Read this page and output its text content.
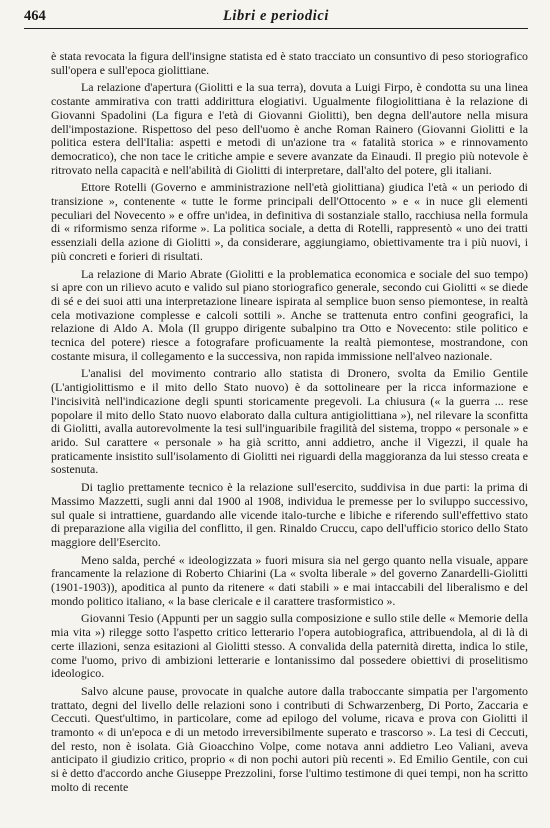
464	Libri e periodici

è stata revocata la figura dell'insigne statista ed è stato tracciato un consuntivo di peso storiografico sull'opera e sull'epoca giolittiane.

La relazione d'apertura (Giolitti e la sua terra), dovuta a Luigi Firpo, è condotta su una linea costante ammirativa con tratti addirittura elogiativi. Ugualmente filogiolittiana è la relazione di Giovanni Spadolini (La figura e l'età di Giovanni Giolitti), ben degna dell'autore nella misura dell'impostazione. Rispettoso del peso dell'uomo è anche Roman Rainero (Giovanni Giolitti e la politica estera dell'Italia: aspetti e metodi di un'azione tra « fatalità storica » e rinnovamento democratico), che non tace le critiche ampie e severe avanzate da Einaudi. Il pregio più notevole è ritrovato nella capacità e nell'abilità di Giolitti di interpretare, dall'alto del potere, gli italiani.

Ettore Rotelli (Governo e amministrazione nell'età giolittiana) giudica l'età « un periodo di transizione », contenente « tutte le forme principali dell'Ottocento » e « in nuce gli elementi peculiari del Novecento » e offre un'idea, in definitiva di sostanziale stallo, racchiusa nella formula di « riformismo senza riforme ». La politica sociale, a detta di Rotelli, rappresentò « uno dei tratti essenziali della azione di Giolitti », da considerare, aggiungiamo, obiettivamente tra i più nuovi, i più concreti e forieri di risultati.

La relazione di Mario Abrate (Giolitti e la problematica economica e sociale del suo tempo) si apre con un rilievo acuto e valido sul piano storiografico generale, secondo cui Giolitti « se diede di sé e dei suoi atti una interpretazione lineare ispirata al semplice buon senso piemontese, in realtà cela motivazione complesse e calcoli sottili ». Anche se trattenuta entro confini geografici, la relazione di Aldo A. Mola (Il gruppo dirigente subalpino tra Otto e Novecento: stile politico e tecnica del potere) riesce a fotografare proficuamente la realtà piemontese, mostrandone, con costante misura, il collegamento e la successiva, non rapida immissione nell'alveo nazionale.

L'analisi del movimento contrario allo statista di Dronero, svolta da Emilio Gentile (L'antigiolittismo e il mito dello Stato nuovo) è da sottolineare per la ricca informazione e l'incisività nell'indicazione degli spunti storicamente pregevoli. La chiusura (« la guerra ... rese popolare il mito dello Stato nuovo elaborato dalla cultura antigiolittiana »), nel rilevare la sconfitta di Giolitti, avalla autorevolmente la tesi sull'inguaribile fragilità del sistema, troppo « personale » e arido. Sul carattere « personale » ha già scritto, anni addietro, anche il Vigezzi, il quale ha praticamente insistito sull'isolamento di Giolitti nei riguardi della maggioranza da lui stesso creata e sostenuta.

Di taglio prettamente tecnico è la relazione sull'esercito, suddivisa in due parti: la prima di Massimo Mazzetti, sugli anni dal 1900 al 1908, individua le premesse per lo sviluppo successivo, sul quale si intrattiene, guardando alle vicende italo-turche e libiche e riferendo sull'effettivo stato di preparazione alla vigilia del conflitto, il gen. Rinaldo Cruccu, capo dell'ufficio storico dello Stato maggiore dell'Esercito.

Meno salda, perché « ideologizzata » fuori misura sia nel gergo quanto nella visuale, appare francamente la relazione di Roberto Chiarini (La « svolta liberale » del governo Zanardelli-Giolitti (1901-1903)), apoditica al punto da ritenere « dati stabili » e mai intaccabili del liberalismo e del mondo politico italiano, « la base clericale e il carattere trasformistico ».

Giovanni Tesio (Appunti per un saggio sulla composizione e sullo stile delle « Memorie della mia vita ») rilegge sotto l'aspetto critico letterario l'opera autobiografica, attribuendola, al di là di certe illazioni, senza esitazioni al Giolitti stesso. A convalida della paternità diretta, indica lo stile, come l'uomo, privo di ambizioni letterarie e lontanissimo dal possedere obiettivi di proselitismo ideologico.

Salvo alcune pause, provocate in qualche autore dalla traboccante simpatia per l'argomento trattato, degni del livello delle relazioni sono i contributi di Schwarzenberg, Di Porto, Zaccaria e Ceccuti. Quest'ultimo, in particolare, come ad epilogo del volume, ricava e prova con Giolitti il tramonto « di un'epoca e di un metodo irreversibilmente superato e trascorso ». La tesi di Ceccuti, del resto, non è isolata. Già Gioacchino Volpe, come notava anni addietro Leo Valiani, aveva anticipato il giudizio critico, proprio « di non pochi autori più recenti ». Ed Emilio Gentile, con cui si è detto d'accordo anche Giuseppe Prezzolini, forse l'ultimo testimone di quei tempi, non ha scritto molto di recente
